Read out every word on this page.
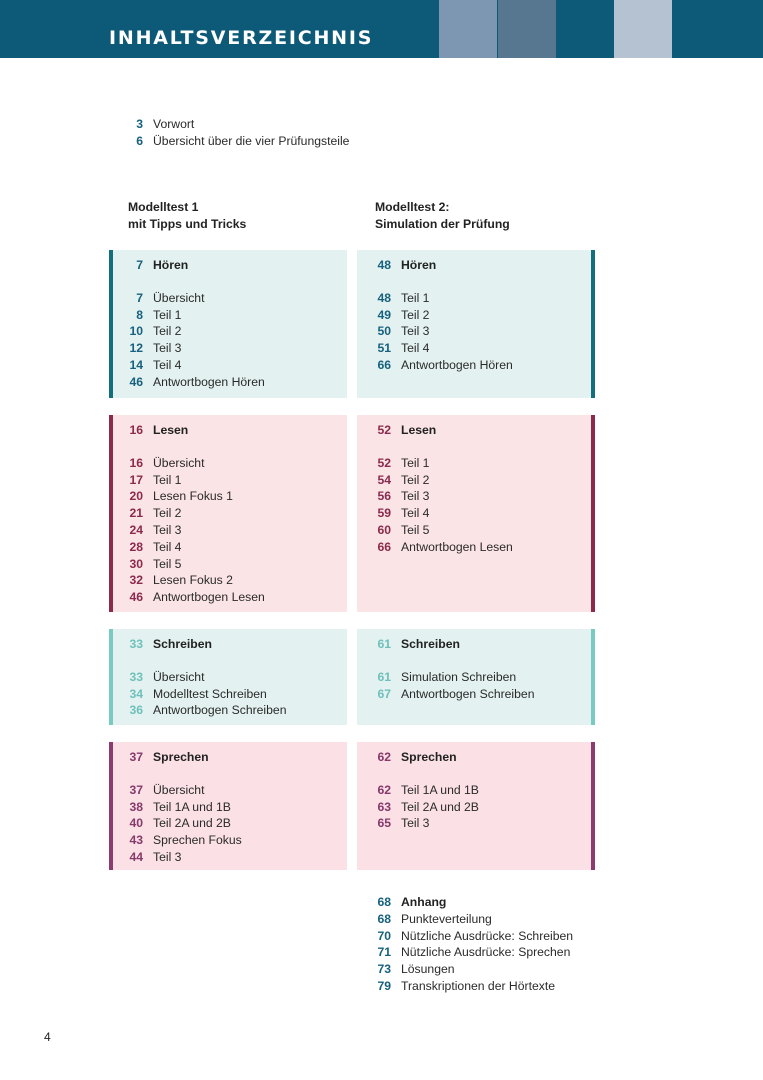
INHALTSVERZEICHNIS
3 Vorwort
6 Übersicht über die vier Prüfungsteile
Modelltest 1
mit Tipps und Tricks
Modelltest 2:
Simulation der Prüfung
7 Hören
7 Übersicht
8 Teil 1
10 Teil 2
12 Teil 3
14 Teil 4
46 Antwortbogen Hören
48 Hören
48 Teil 1
49 Teil 2
50 Teil 3
51 Teil 4
66 Antwortbogen Hören
16 Lesen
16 Übersicht
17 Teil 1
20 Lesen Fokus 1
21 Teil 2
24 Teil 3
28 Teil 4
30 Teil 5
32 Lesen Fokus 2
46 Antwortbogen Lesen
52 Lesen
52 Teil 1
54 Teil 2
56 Teil 3
59 Teil 4
60 Teil 5
66 Antwortbogen Lesen
33 Schreiben
33 Übersicht
34 Modelltest Schreiben
36 Antwortbogen Schreiben
61 Schreiben
61 Simulation Schreiben
67 Antwortbogen Schreiben
37 Sprechen
37 Übersicht
38 Teil 1A und 1B
40 Teil 2A und 2B
43 Sprechen Fokus
44 Teil 3
62 Sprechen
62 Teil 1A und 1B
63 Teil 2A und 2B
65 Teil 3
68 Anhang
68 Punkteverteilung
70 Nützliche Ausdrücke: Schreiben
71 Nützliche Ausdrücke: Sprechen
73 Lösungen
79 Transkriptionen der Hörtexte
4
